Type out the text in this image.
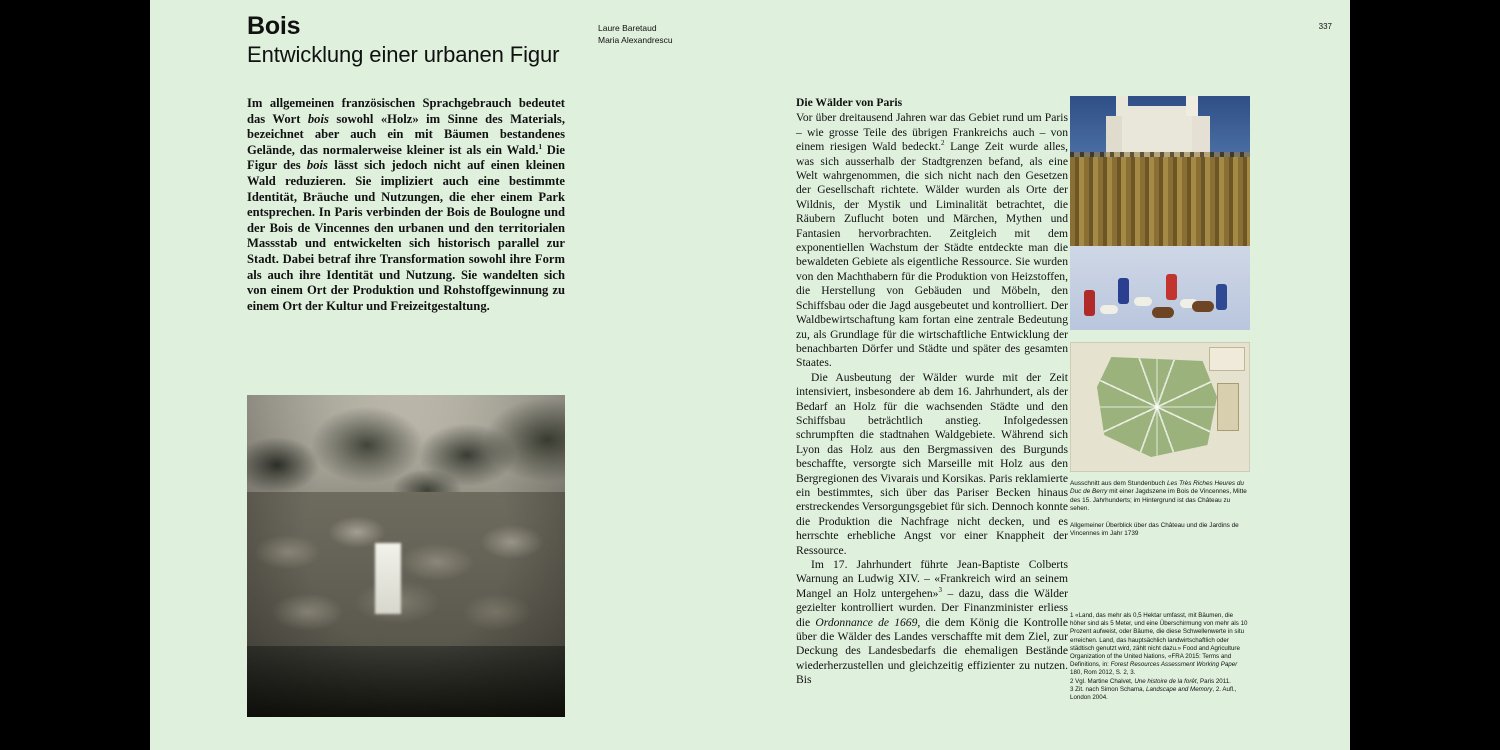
Bois
Entwicklung einer urbanen Figur
Laure Baretaud
Maria Alexandrescu
337
Im allgemeinen französischen Sprachgebrauch bedeutet das Wort bois sowohl «Holz» im Sinne des Materials, bezeichnet aber auch ein mit Bäumen bestandenes Gelände, das normalerweise kleiner ist als ein Wald.$^1$ Die Figur des bois lässt sich jedoch nicht auf einen kleinen Wald reduzieren. Sie impliziert auch eine bestimmte Identität, Bräuche und Nutzungen, die eher einem Park entsprechen. In Paris verbinden der Bois de Boulogne und der Bois de Vincennes den urbanen und den territorialen Massstab und entwickelten sich historisch parallel zur Stadt. Dabei betraf ihre Transformation sowohl ihre Form als auch ihre Identität und Nutzung. Sie wandelten sich von einem Ort der Produktion und Rohstoffgewinnung zu einem Ort der Kultur und Freizeitgestaltung.
Die Wälder von Paris

Vor über dreitausend Jahren war das Gebiet rund um Paris – wie grosse Teile des übrigen Frankreichs auch – von einem riesigen Wald bedeckt.$^2$ Lange Zeit wurde alles, was sich ausserhalb der Stadtgrenzen befand, als eine Welt wahrgenommen, die sich nicht nach den Gesetzen der Gesellschaft richtete. Wälder wurden als Orte der Wildnis, der Mystik und Liminalität betrachtet, die Räubern Zuflucht boten und Märchen, Mythen und Fantasien hervorbrachten. Zeitgleich mit dem exponentiellen Wachstum der Städte entdeckte man die bewaldeten Gebiete als eigentliche Ressource. Sie wurden von den Machthabern für die Produktion von Heizstoffen, die Herstellung von Gebäuden und Möbeln, den Schiffsbau oder die Jagd ausgebeutet und kontrolliert. Der Waldbewirtschaftung kam fortan eine zentrale Bedeutung zu, als Grundlage für die wirtschaftliche Entwicklung der benachbarten Dörfer und Städte und später des gesamten Staates.

Die Ausbeutung der Wälder wurde mit der Zeit intensiviert, insbesondere ab dem 16. Jahrhundert, als der Bedarf an Holz für die wachsenden Städte und den Schiffsbau beträchtlich anstieg. Infolgedessen schrumpften die stadtnahen Waldgebiete. Während sich Lyon das Holz aus den Bergmassiven des Burgunds beschaffte, versorgte sich Marseille mit Holz aus den Bergregionen des Vivarais und Korsikas. Paris reklamierte ein bestimmtes, sich über das Pariser Becken hinaus erstreckendes Versorgungsgebiet für sich. Dennoch konnte die Produktion die Nachfrage nicht decken, und es herrschte erhebliche Angst vor einer Knappheit der Ressource.

Im 17. Jahrhundert führte Jean-Baptiste Colberts Warnung an Ludwig XIV. – «Frankreich wird an seinem Mangel an Holz untergehen»$^3$ – dazu, dass die Wälder gezielter kontrolliert wurden. Der Finanzminister erliess die Ordonnance de 1669, die dem König die Kontrolle über die Wälder des Landes verschaffte mit dem Ziel, zur Deckung des Landesbedarfs die ehemaligen Bestände wiederherzustellen und gleichzeitig effizienter zu nutzen. Bis

Ausschnitt aus dem Stundenbuch Les Très Riches Heures du Duc de Berry mit einer Jagdszene im Bois de Vincennes, Mitte des 15. Jahrhunderts; im Hintergrund ist das Château zu sehen.
Allgemeiner Überblick über das Château und die Jardins de Vincennes im Jahr 1739
1 «Land, das mehr als 0,5 Hektar umfasst, mit Bäumen, die höher sind als 5 Meter, und eine Überschirmung von mehr als 10 Prozent aufweist, oder Bäume, die diese Schwellenwerte in situ erreichen. Land, das hauptsächlich landwirtschaftlich oder städtisch genutzt wird, zählt nicht dazu.» Food and Agriculture Organization of the United Nations, «FRA 2015: Terms and Definitions, in: Forest Resources Assessment Working Paper 180, Rom 2012, S. 2, 3.
2 Vgl. Martine Chalvet, Une histoire de la forêt, Paris 2011.
3 Zit. nach Simon Schama, Landscape and Memory, 2. Aufl., London 2004.
